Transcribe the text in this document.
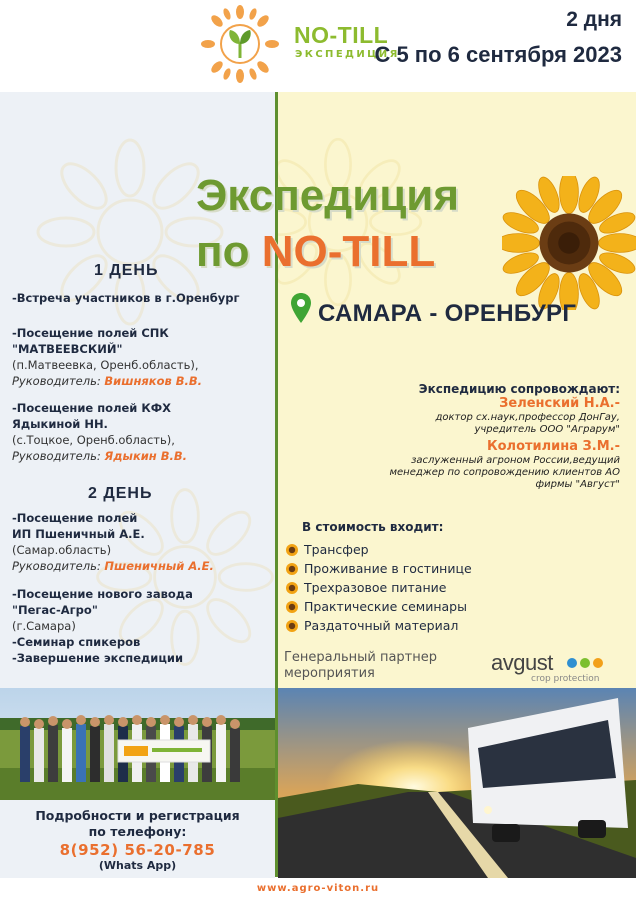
NO-TILL
ЭКСПЕДИЦИЯ
2 дня
С 5 по 6 сентября 2023
Экспедиция
по NO-TILL
САМАРА - ОРЕНБУРГ
Экспедицию сопровождают:
Зеленский Н.А.-
доктор сх.наук,профессор ДонГау,
учредитель ООО "Аграрум"
Колотилина З.М.-
заслуженный агроном России,ведущий
менеджер по сопровождению клиентов АО
фирмы "Август"
В стоимость входит:
Трансфер
Проживание в гостинице
Трехразовое питание
Практические семинары
Раздаточный материал
Генеральный партнер
мероприятия	avgust
crop protection
1 ДЕНЬ
-Встреча участников в г.Оренбург
-Посещение полей СПК
"МАТВЕЕВСКИЙ"
(п.Матвеевка, Оренб.область),
Руководитель: Вишняков В.В.
-Посещение полей КФХ
Ядыкиной НН.
(с.Тоцкое, Оренб.область),
Руководитель: Ядыкин В.В.
2 ДЕНЬ
-Посещение полей
ИП Пшеничный А.Е.
(Самар.область)
Руководитель: Пшеничный А.Е.
-Посещение нового завода
"Пегас-Агро"
(г.Самара)
-Семинар спикеров
-Завершение экспедиции
Подробности и регистрация
по телефону:
8(952) 56-20-785
(Whats App)
www.agro-viton.ru
